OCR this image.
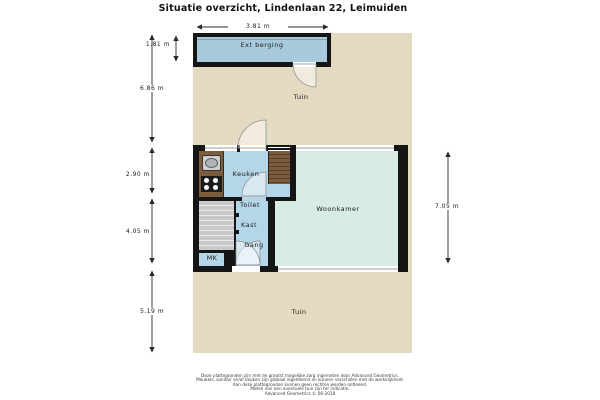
Situatie overzicht, Lindenlaan 22, Leimuiden
3.81 m
1.81 m
6.86 m
2.90 m
4.05 m
5.19 m
7.05 m
Ext berging
Tuin
Keuken
Woonkamer
Toilet
Kast
Gang
MK
Tuin
Deze plattegronden zijn met de grootst mogelijke zorg ingemeten door Advanced Geometrics.
Meubels, sanitair en/of keuken zijn globaal ingetekend en kunnen verschillen met de werkelijkheid.
Aan deze plattegronden kunnen geen rechten worden ontleend.
Maten van een eventuele tuin zijn ter indicatie.
Advanced Geometrics © 06-2018
